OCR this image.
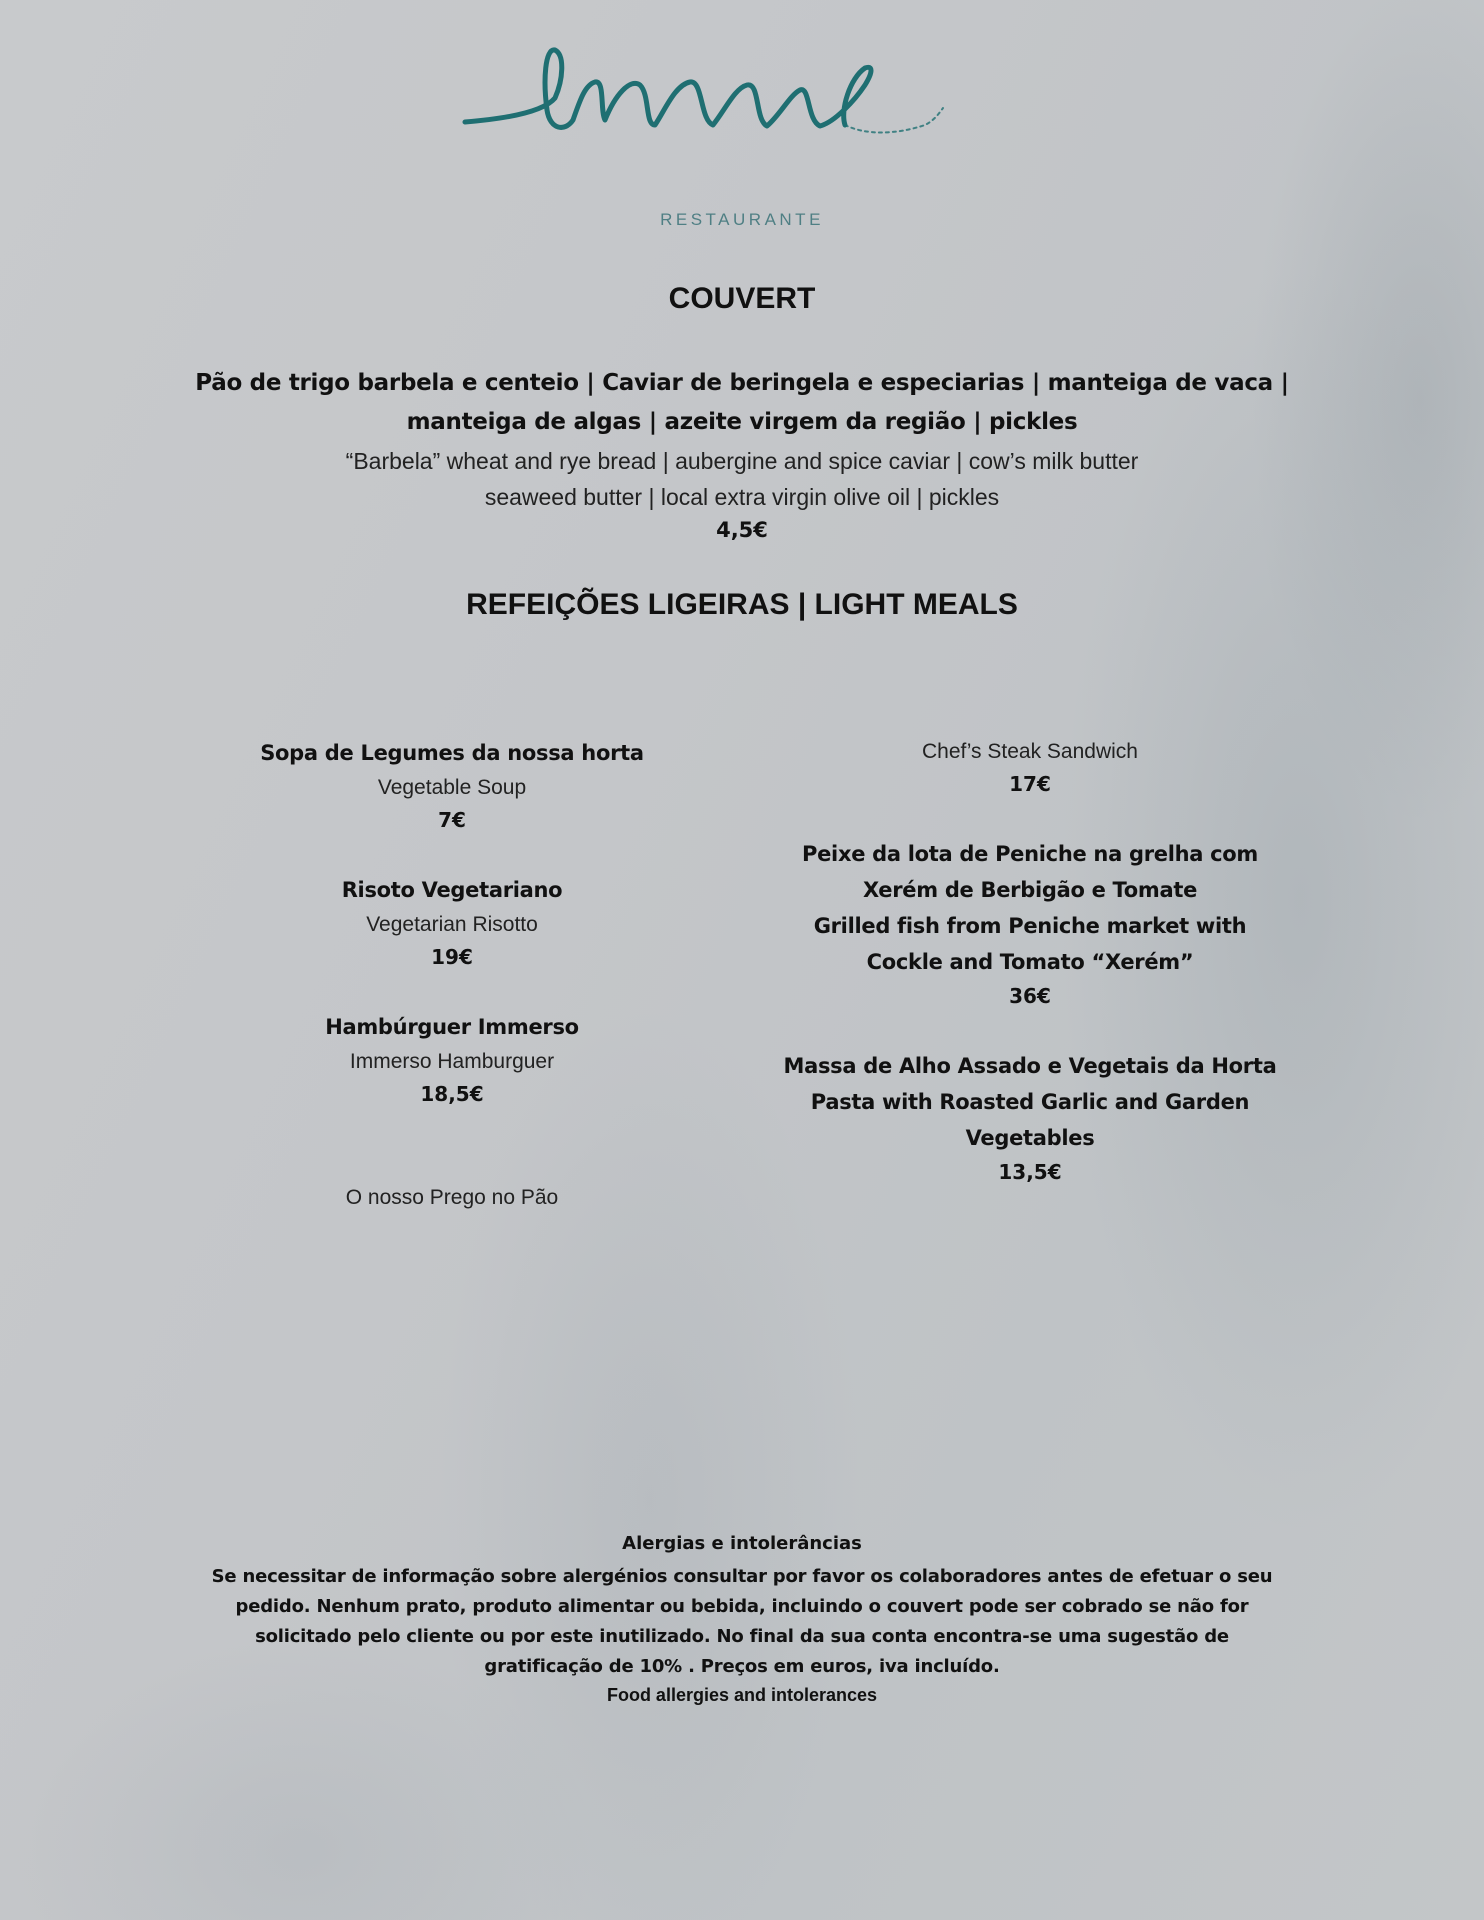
RESTAURANTE
COUVERT
Pão de trigo barbela e centeio | Caviar de beringela e especiarias | manteiga de vaca |
manteiga de algas | azeite virgem da região | pickles
“Barbela” wheat and rye bread | aubergine and spice caviar | cow’s milk butter
seaweed butter | local extra virgin olive oil | pickles
4,5€
REFEIÇÕES LIGEIRAS | LIGHT MEALS
Sopa de Legumes da nossa horta
Vegetable Soup
7€
Risoto Vegetariano
Vegetarian Risotto
19€
Hambúrguer Immerso
Immerso Hamburguer
18,5€
O nosso Prego no Pão
Chef’s Steak Sandwich
17€
Peixe da lota de Peniche na grelha com
Xerém de Berbigão e Tomate
Grilled fish from Peniche market with
Cockle and Tomato “Xerém”
36€
Massa de Alho Assado e Vegetais da Horta
Pasta with Roasted Garlic and Garden
Vegetables
13,5€
Alergias e intolerâncias
Se necessitar de informação sobre alergénios consultar por favor os colaboradores antes de efetuar o seu
pedido. Nenhum prato, produto alimentar ou bebida, incluindo o couvert pode ser cobrado se não for
solicitado pelo cliente ou por este inutilizado. No final da sua conta encontra-se uma sugestão de
gratificação de 10% . Preços em euros, iva incluído.
Food allergies and intolerances
